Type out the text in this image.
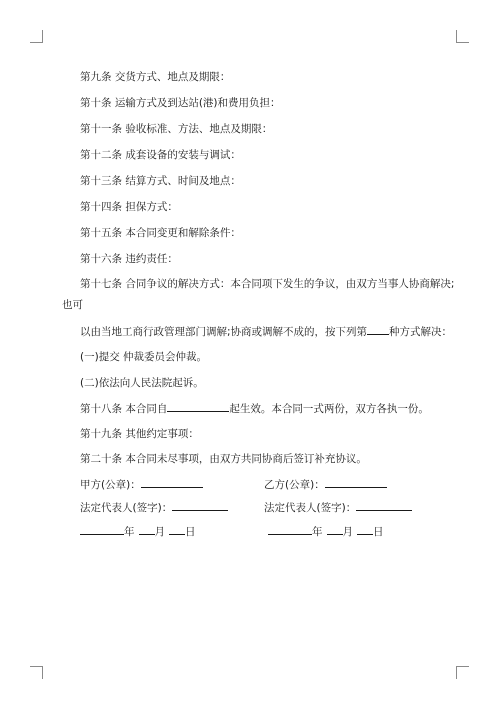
第九条 交货方式、地点及期限：
第十条 运输方式及到达站(港)和费用负担：
第十一条 验收标准、方法、地点及期限：
第十二条 成套设备的安装与调试：
第十三条 结算方式、时间及地点：
第十四条 担保方式：
第十五条 本合同变更和解除条件：
第十六条 违约责任：
第十七条 合同争议的解决方式：本合同项下发生的争议，由双方当事人协商解决;
也可
以由当地工商行政管理部门调解;协商或调解不成的，按下列第 种方式解决：
(一)提交 仲裁委员会仲裁。
(二)依法向人民法院起诉。
第十八条 本合同自	起生效。本合同一式两份，双方各执一份。
第十九条 其他约定事项：
第二十条 本合同未尽事项，由双方共同协商后签订补充协议。
甲方(公章)：	乙方(公章)：
法定代表人(签字)：	法定代表人(签字)：
年 月 日	年 月 日
